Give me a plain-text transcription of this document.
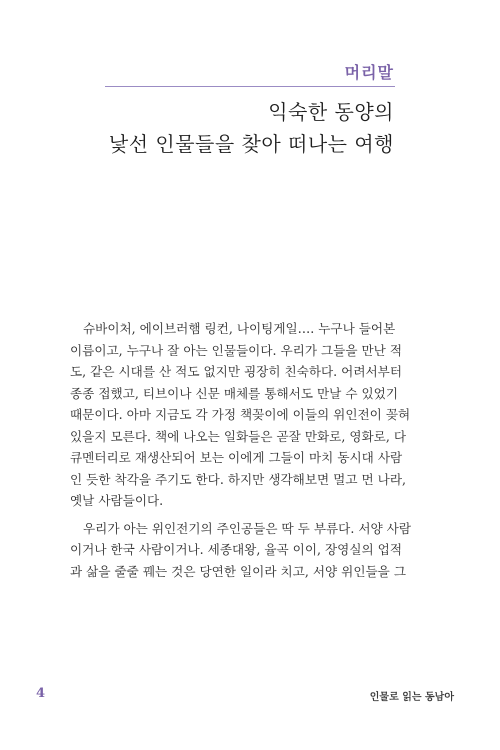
머리말
익숙한 동양의
낯선 인물들을 찾아 떠나는 여행
슈바이처, 에이브러햄 링컨, 나이팅게일…. 누구나 들어본
이름이고, 누구나 잘 아는 인물들이다. 우리가 그들을 만난 적
도, 같은 시대를 산 적도 없지만 굉장히 친숙하다. 어려서부터
종종 접했고, 티브이나 신문 매체를 통해서도 만날 수 있었기
때문이다. 아마 지금도 각 가정 책꽂이에 이들의 위인전이 꽂혀
있을지 모른다. 책에 나오는 일화들은 곧잘 만화로, 영화로, 다
큐멘터리로 재생산되어 보는 이에게 그들이 마치 동시대 사람
인 듯한 착각을 주기도 한다. 하지만 생각해보면 멀고 먼 나라,
옛날 사람들이다.
우리가 아는 위인전기의 주인공들은 딱 두 부류다. 서양 사람
이거나 한국 사람이거나. 세종대왕, 율곡 이이, 장영실의 업적
과 삶을 줄줄 꿰는 것은 당연한 일이라 치고, 서양 위인들을 그
4	인물로 읽는 동남아
